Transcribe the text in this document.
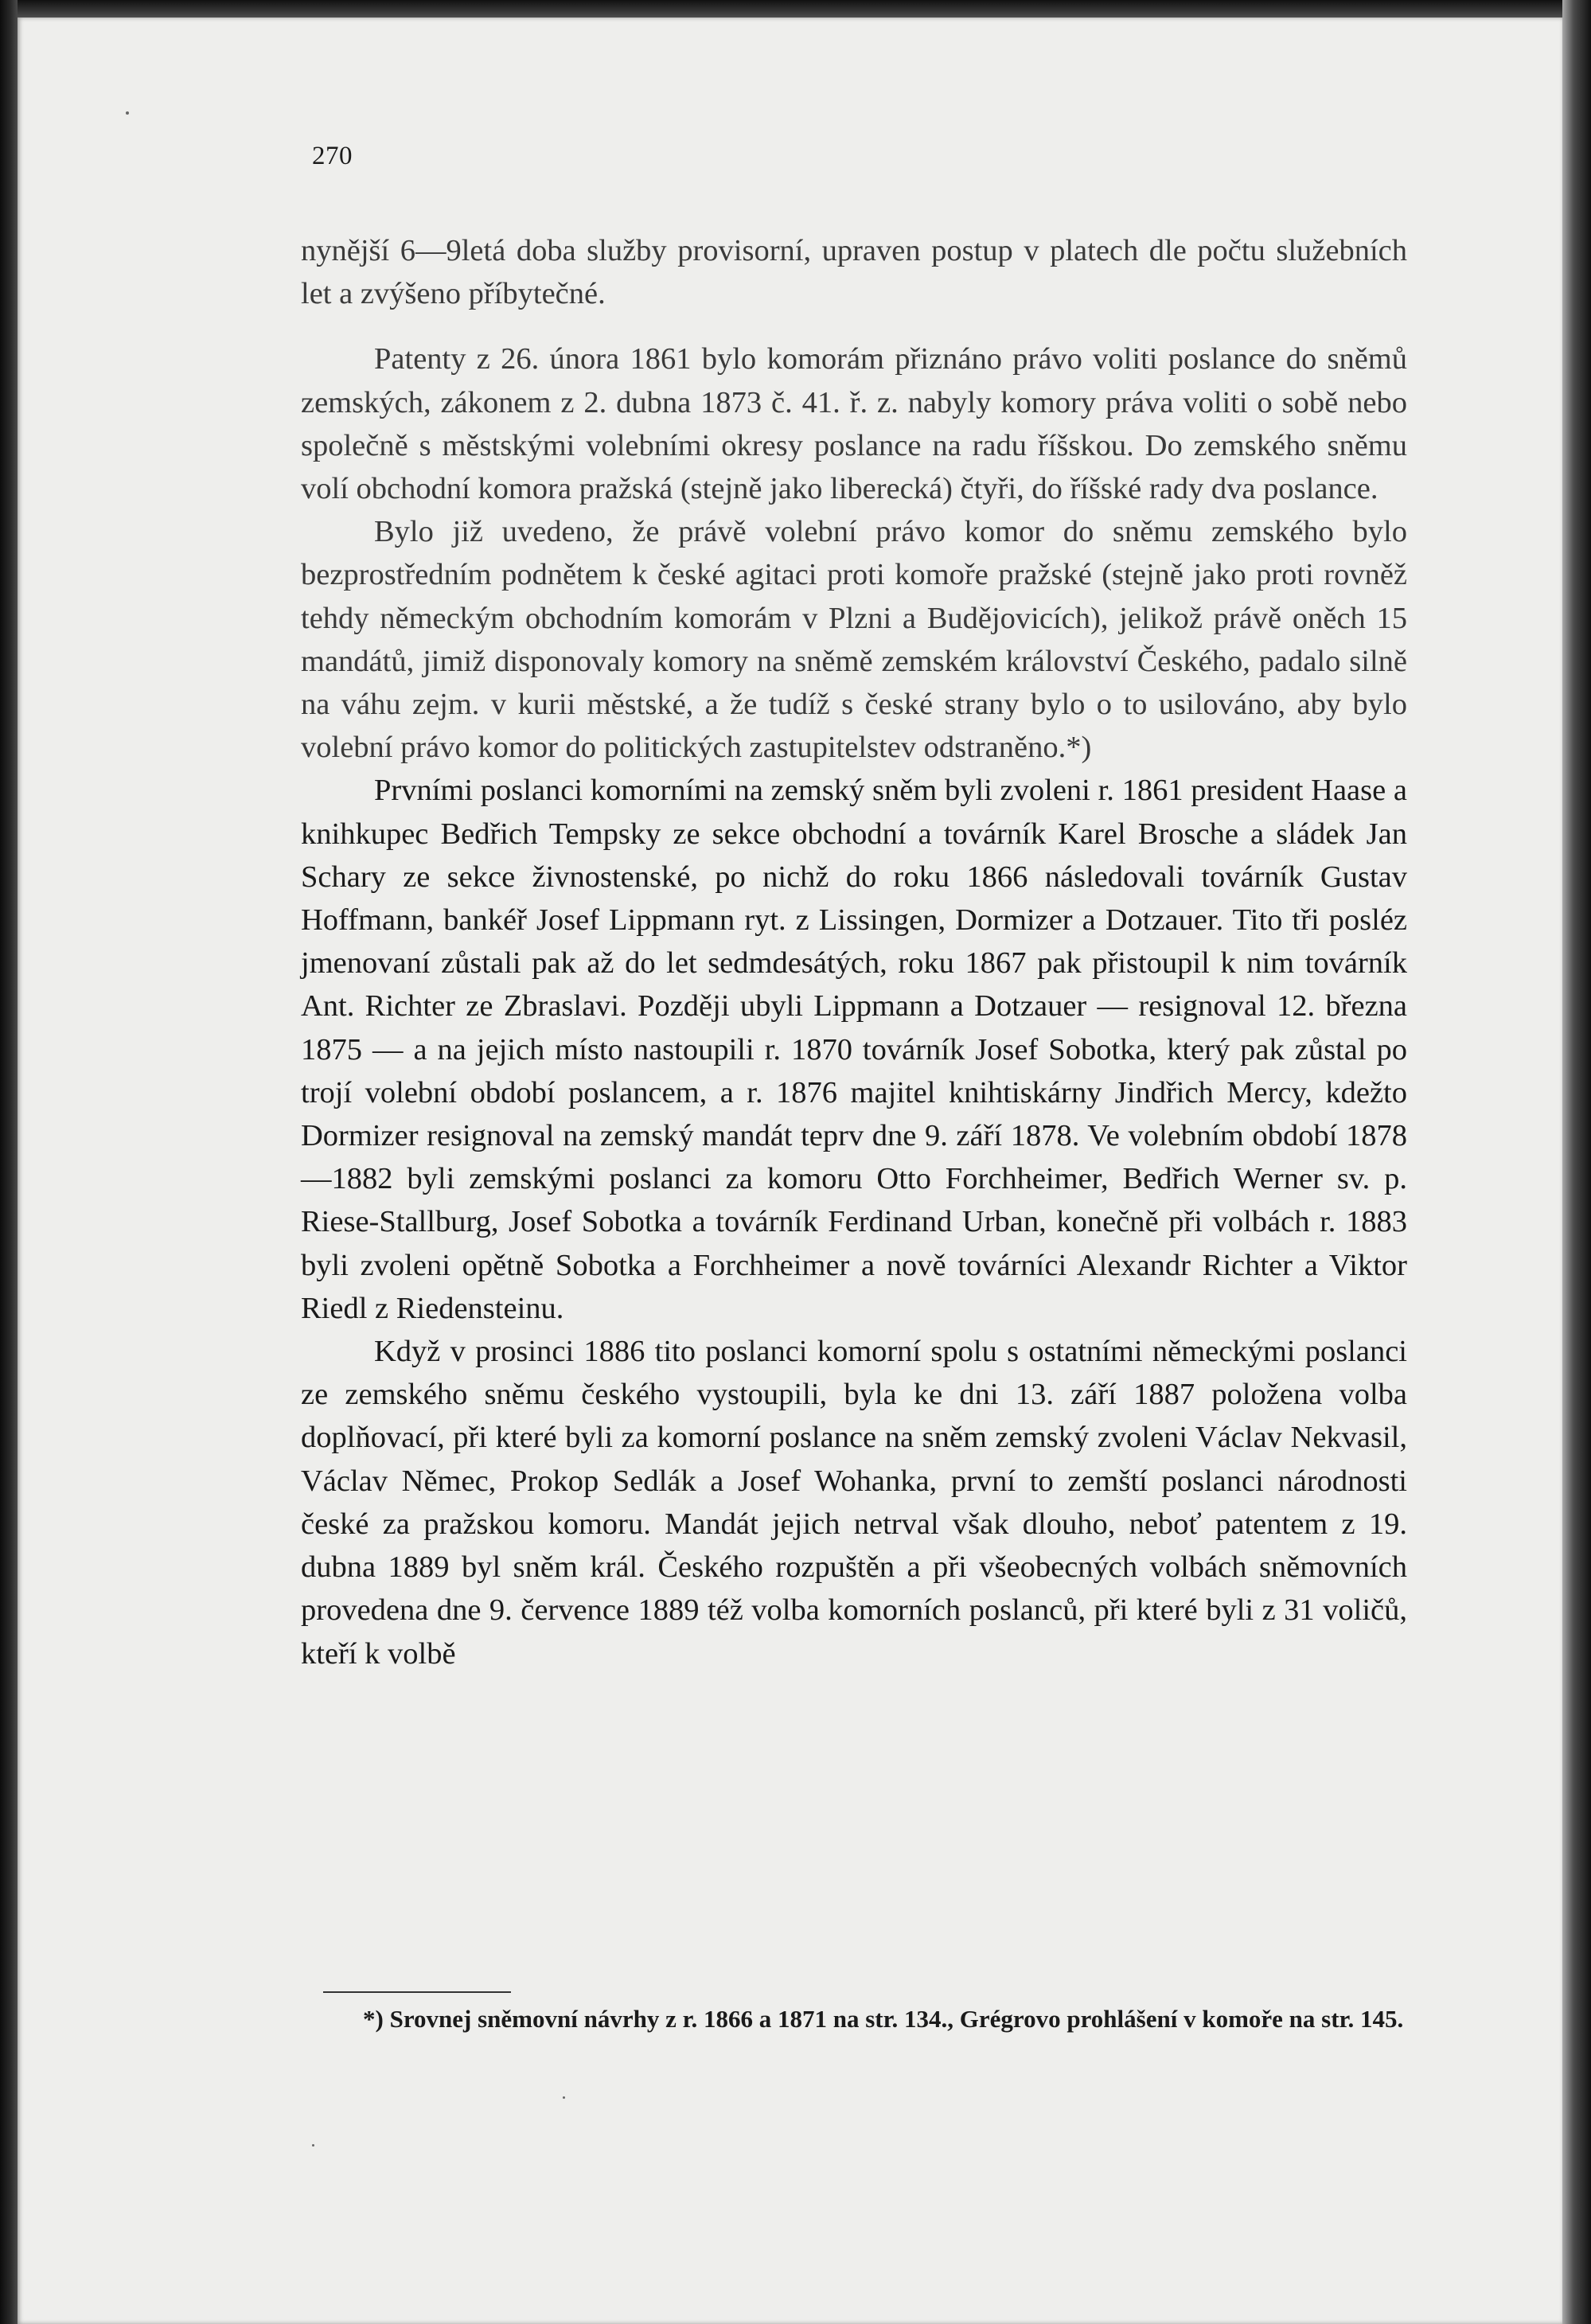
270

nynější 6—9letá doba služby provisorní, upraven postup v platech dle počtu služebních let a zvýšeno příbytečné.

Patenty z 26. února 1861 bylo komorám přiznáno právo voliti poslance do sněmů zemských, zákonem z 2. dubna 1873 č. 41. ř. z. nabyly komory práva voliti o sobě nebo společně s městskými volebními okresy poslance na radu říšskou. Do zemského sněmu volí obchodní komora pražská (stejně jako liberecká) čtyři, do říšské rady dva poslance.

Bylo již uvedeno, že právě volební právo komor do sněmu zemského bylo bezprostředním podnětem k české agitaci proti komoře pražské (stejně jako proti rovněž tehdy německým obchodním komorám v Plzni a Budějovicích), jelikož právě oněch 15 mandátů, jimiž disponovaly komory na sněmě zemském království Českého, padalo silně na váhu zejm. v kurii městské, a že tudíž s české strany bylo o to usilováno, aby bylo volební právo komor do politických zastupitelstev odstraněno.*)

Prvními poslanci komorními na zemský sněm byli zvoleni r. 1861 president Haase a knihkupec Bedřich Tempsky ze sekce obchodní a továrník Karel Brosche a sládek Jan Schary ze sekce živnostenské, po nichž do roku 1866 následovali továrník Gustav Hoffmann, bankéř Josef Lippmann ryt. z Lissingen, Dormizer a Dotzauer. Tito tři posléz jmenovaní zůstali pak až do let sedmdesátých, roku 1867 pak přistoupil k nim továrník Ant. Richter ze Zbraslavi. Později ubyli Lippmann a Dotzauer — resignoval 12. března 1875 — a na jejich místo nastoupili r. 1870 továrník Josef Sobotka, který pak zůstal po trojí volební období poslancem, a r. 1876 majitel knihtiskárny Jindřich Mercy, kdežto Dormizer resignoval na zemský mandát teprv dne 9. září 1878. Ve volebním období 1878—1882 byli zemskými poslanci za komoru Otto Forchheimer, Bedřich Werner sv. p. Riese-Stallburg, Josef Sobotka a továrník Ferdinand Urban, konečně při volbách r. 1883 byli zvoleni opětně Sobotka a Forchheimer a nově továrníci Alexandr Richter a Viktor Riedl z Riedensteinu.

Když v prosinci 1886 tito poslanci komorní spolu s ostatními německými poslanci ze zemského sněmu českého vystoupili, byla ke dni 13. září 1887 položena volba doplňovací, při které byli za komorní poslance na sněm zemský zvoleni Václav Nekvasil, Václav Němec, Prokop Sedlák a Josef Wohanka, první to zemští poslanci národnosti české za pražskou komoru. Mandát jejich netrval však dlouho, neboť patentem z 19. dubna 1889 byl sněm král. Českého rozpuštěn a při všeobecných volbách sněmovních provedena dne 9. července 1889 též volba komorních poslanců, při které byli z 31 voličů, kteří k volbě

*) Srovnej sněmovní návrhy z r. 1866 a 1871 na str. 134., Grégrovo prohlášení v komoře na str. 145.
